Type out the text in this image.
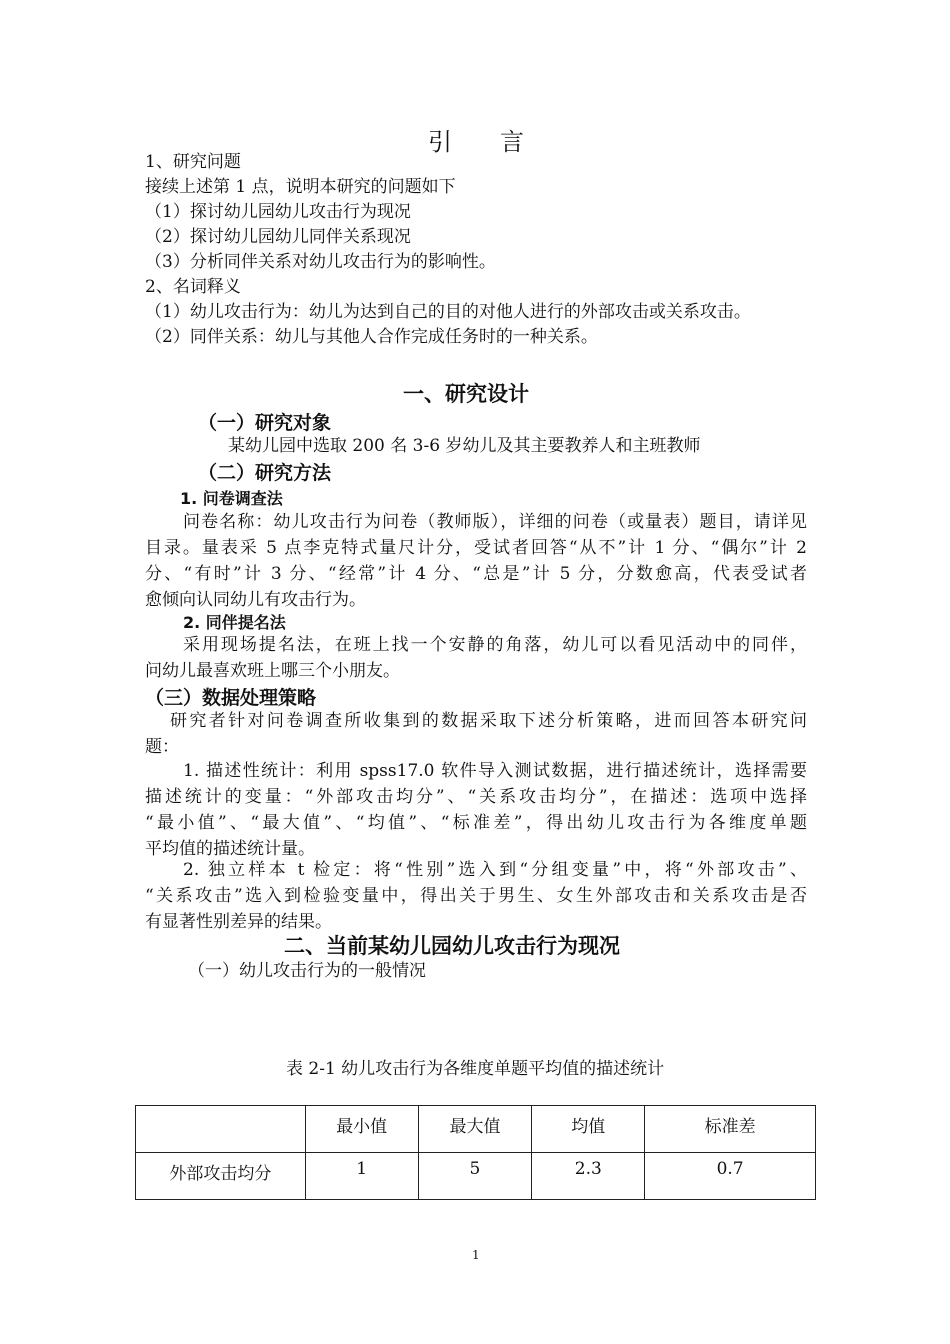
引 言
1、研究问题
接续上述第 1 点，说明本研究的问题如下
（1）探讨幼儿园幼儿攻击行为现况
（2）探讨幼儿园幼儿同伴关系现况
（3）分析同伴关系对幼儿攻击行为的影响性。
2、名词释义
（1）幼儿攻击行为：幼儿为达到自己的目的对他人进行的外部攻击或关系攻击。
（2）同伴关系：幼儿与其他人合作完成任务时的一种关系。
一、研究设计
（一）研究对象
某幼儿园中选取 200 名 3-6 岁幼儿及其主要教养人和主班教师
（二）研究方法
1. 问卷调查法
问卷名称：幼儿攻击行为问卷（教师版），详细的问卷（或量表）题目，请详见
目录。量表采 5 点李克特式量尺计分，受试者回答“从不”计 1 分、“偶尔”计 2
分、“有时”计 3 分、“经常”计 4 分、“总是”计 5 分，分数愈高，代表受试者
愈倾向认同幼儿有攻击行为。
2. 同伴提名法
采用现场提名法，在班上找一个安静的角落，幼儿可以看见活动中的同伴，
问幼儿最喜欢班上哪三个小朋友。
（三）数据处理策略
研究者针对问卷调查所收集到的数据采取下述分析策略，进而回答本研究问
题：
1. 描述性统计：利用 spss17.0 软件导入测试数据，进行描述统计，选择需要
描述统计的变量：“外部攻击均分”、“关系攻击均分”，在描述：选项中选择
“最小值”、“最大值”、“均值”、“标准差”，得出幼儿攻击行为各维度单题
平均值的描述统计量。
2. 独立样本 t 检定：将“性别”选入到“分组变量”中，将“外部攻击”、
“关系攻击”选入到检验变量中，得出关于男生、女生外部攻击和关系攻击是否
有显著性别差异的结果。
二、当前某幼儿园幼儿攻击行为现况
（一）幼儿攻击行为的一般情况
表 2-1 幼儿攻击行为各维度单题平均值的描述统计
	最小值	最大值	均值	标准差
外部攻击均分	1	5	2.3	0.7
1
